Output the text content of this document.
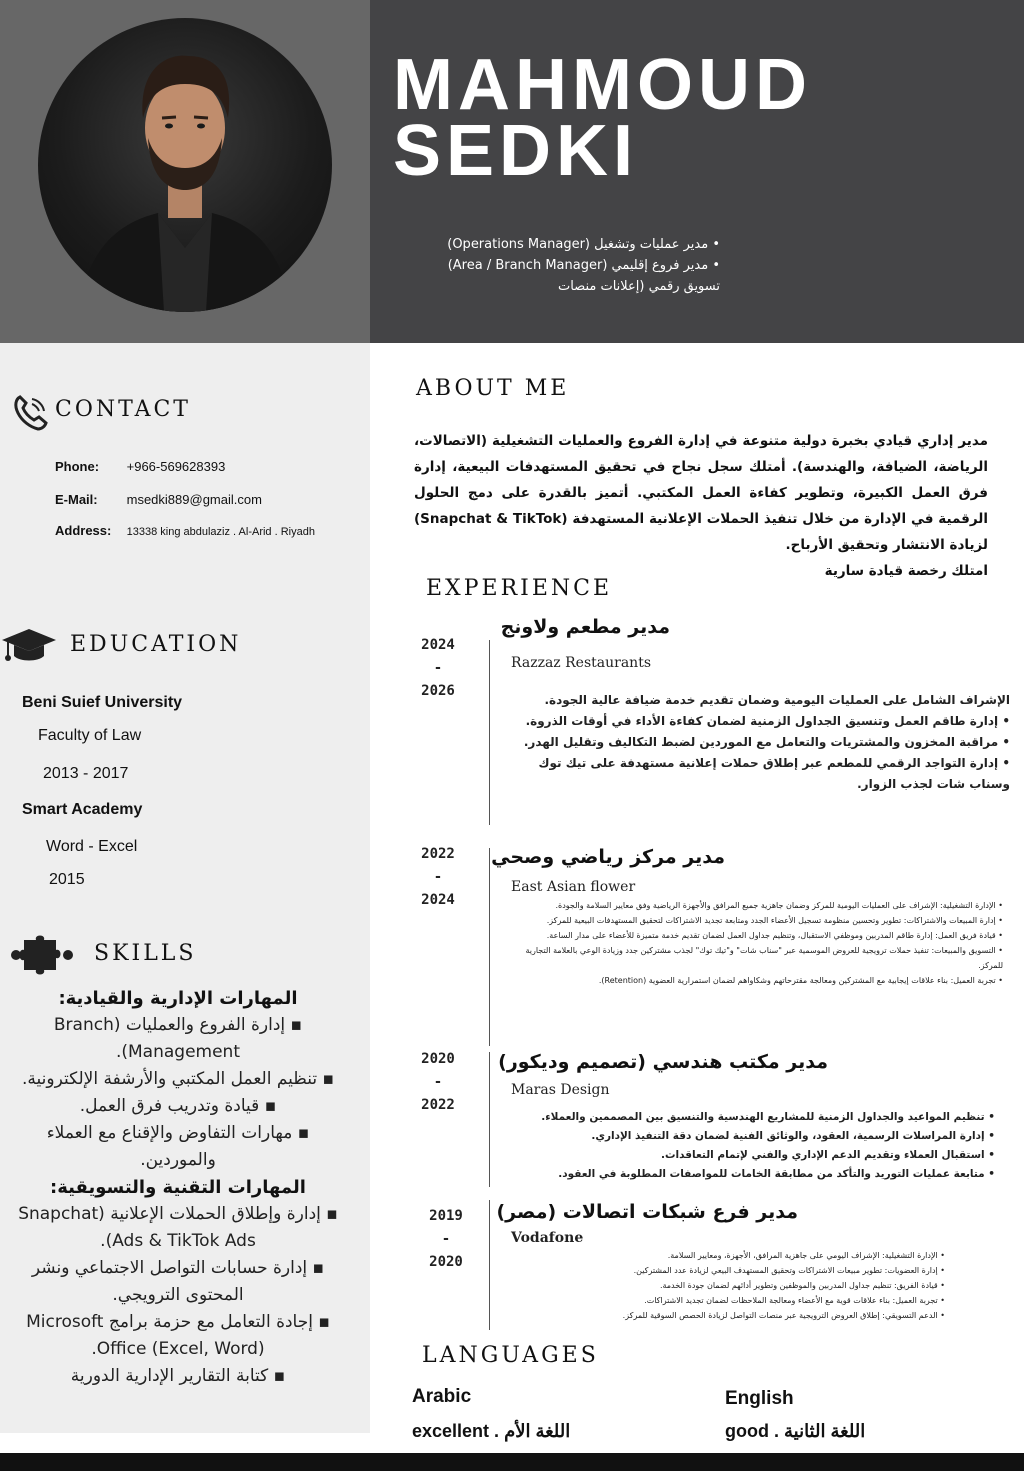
MAHMOUD
SEDKI
• مدير عمليات وتشغيل (Operations Manager)
• مدير فروع إقليمي (Area / Branch Manager)
تسويق رقمي (إعلانات منصات
CONTACT
Phone: +966-569628393
E-Mail: msedki889@gmail.com
Address: 13338 king abdulaziz . Al-Arid . Riyadh
EDUCATION
Beni Suief University
Faculty of Law
2013 - 2017
Smart Academy
Word - Excel
2015
SKILLS
المهارات الإدارية والقيادية:
▪ إدارة الفروع والعمليات (Branch Management).
▪ تنظيم العمل المكتبي والأرشفة الإلكترونية.
▪ قيادة وتدريب فرق العمل.
▪ مهارات التفاوض والإقناع مع العملاء والموردين.
المهارات التقنية والتسويقية:
▪ إدارة وإطلاق الحملات الإعلانية (Snapchat Ads & TikTok Ads).
▪ إدارة حسابات التواصل الاجتماعي ونشر المحتوى الترويجي.
▪ إجادة التعامل مع حزمة برامج Microsoft Office (Excel, Word).
▪ كتابة التقارير الإدارية الدورية
ABOUT ME
مدير إداري قيادي بخبرة دولية متنوعة في إدارة الفروع والعمليات التشغيلية (الاتصالات، الرياضة، الضيافة، والهندسة). أمتلك سجل نجاح في تحقيق المستهدفات البيعية، إدارة فرق العمل الكبيرة، وتطوير كفاءة العمل المكتبي. أتميز بالقدرة على دمج الحلول الرقمية في الإدارة من خلال تنفيذ الحملات الإعلانية المستهدفة (Snapchat & TikTok) لزيادة الانتشار وتحقيق الأرباح.
امتلك رخصة قيادة سارية
EXPERIENCE
2024
-
2026
مدير مطعم ولاونج
Razzaz Restaurants
الإشراف الشامل على العمليات اليومية وضمان تقديم خدمة ضيافة عالية الجودة.
• إدارة طاقم العمل وتنسيق الجداول الزمنية لضمان كفاءة الأداء في أوقات الذروة.
• مراقبة المخزون والمشتريات والتعامل مع الموردين لضبط التكاليف وتقليل الهدر.
• إدارة التواجد الرقمي للمطعم عبر إطلاق حملات إعلانية مستهدفة على تيك توك وسناب شات لجذب الزوار.
2022
-
2024
مدير مركز رياضي وصحي
East Asian flower
• الإدارة التشغيلية: الإشراف على العمليات اليومية للمركز وضمان جاهزية جميع المرافق والأجهزة الرياضية وفق معايير السلامة والجودة.
• إدارة المبيعات والاشتراكات: تطوير وتحسين منظومة تسجيل الأعضاء الجدد ومتابعة تجديد الاشتراكات لتحقيق المستهدفات البيعية للمركز.
• قيادة فريق العمل: إدارة طاقم المدربين وموظفي الاستقبال، وتنظيم جداول العمل لضمان تقديم خدمة متميزة للأعضاء على مدار الساعة.
• التسويق والمبيعات: تنفيذ حملات ترويجية للعروض الموسمية عبر "سناب شات" و"تيك توك" لجذب مشتركين جدد وزيادة الوعي بالعلامة التجارية للمركز.
• تجربة العميل: بناء علاقات إيجابية مع المشتركين ومعالجة مقترحاتهم وشكاواهم لضمان استمرارية العضوية (Retention).
2020
-
2022
مدير مكتب هندسي (تصميم وديكور)
Maras Design
• تنظيم المواعيد والجداول الزمنية للمشاريع الهندسية والتنسيق بين المصممين والعملاء.
• إدارة المراسلات الرسمية، العقود، والوثائق الفنية لضمان دقة التنفيذ الإداري.
• استقبال العملاء وتقديم الدعم الإداري والفني لإتمام التعاقدات.
• متابعة عمليات التوريد والتأكد من مطابقة الخامات للمواصفات المطلوبة في العقود.
2019
-
2020
مدير فرع شبكات اتصالات (مصر)
Vodafone
• الإدارة التشغيلية: الإشراف اليومي على جاهزية المرافق، الأجهزة، ومعايير السلامة.
• إدارة العضويات: تطوير مبيعات الاشتراكات وتحقيق المستهدف البيعي لزيادة عدد المشتركين.
• قيادة الفريق: تنظيم جداول المدربين والموظفين وتطوير أدائهم لضمان جودة الخدمة.
• تجربة العميل: بناء علاقات قوية مع الأعضاء ومعالجة الملاحظات لضمان تجديد الاشتراكات.
• الدعم التسويقي: إطلاق العروض الترويجية عبر منصات التواصل لزيادة الحصص السوقية للمركز.
LANGUAGES
Arabic
excellent . اللغة الأم
English
good . اللغة الثانية
